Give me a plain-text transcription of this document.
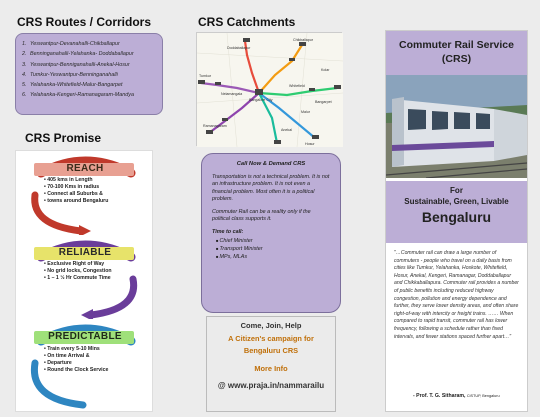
CRS Routes / Corridors
1. Yeswantpur-Devanahalli-Chikballapur
2. Benninganahalli-Yelahanka- Doddaballapur
3. Yeswantpur-Benniganahalli-Anekal-Hosur
4. Tumkur-Yeswantpur-Benninganahalli
5. Yelahanka-Whitefield-Malur-Bangarpet
6. Yelahanka-Kengeri-Ramanagaram-Mandya
CRS Catchments
Doddaballapur
Chikballapur
Kolar
Bangarpet
Whitefield
Malur
Hosur
Anekal
Bangalore City
Tumkur
Nelamangala
Ramanagaram
CRS Promise
REACH
• 405 kms in Length
• 70-100 Kms in radius
• Connect all Suburbs &
• towns around Bengaluru
RELIABLE
• Exclusive Right of Way
• No grid locks, Congestion
• 1 – 1 ½ Hr Commute Time
PREDICTABLE
• Train every 5-10 Mins
• On time Arrival &
• Departure
• Round the Clock Service
Call Now & Demand CRS

Transportation is not a technical problem. It is not an infrastructure problem. It is not even a financial problem. Most often it is a political problem.

Commuter Rail can be a reality only if the political class supports it.

Time to call:
■ Chief Minister
■ Transport Minister
■ MPs, MLAs
Come, Join, Help
A Citizen's campaign for
Bengaluru CRS
More Info
@ www.praja.in/nammarailu
Commuter Rail Service
(CRS)
For
Sustainable, Green, Livable
Bengaluru
"…Commuter rail can draw a large number of commuters - people who travel on a daily basis from cities like Tumkur, Yelahanka, Hoskote, Whitefield, Hosur, Anekal, Kengeri, Ramanagar, Doddaballapur and Chikkaballapura. Commuter rail provides a number of public benefits including reduced highway congestion, pollution and energy dependence and further, they serve lower density areas, and often share right-of-way with intercity or freight trains. …… When compared to rapid transit, commuter rail has lower frequency, following a schedule rather than fixed intervals, and fewer stations spaced further apart…"
- Prof. T. G. Sitharam, CiSTUP, Bengaluru
